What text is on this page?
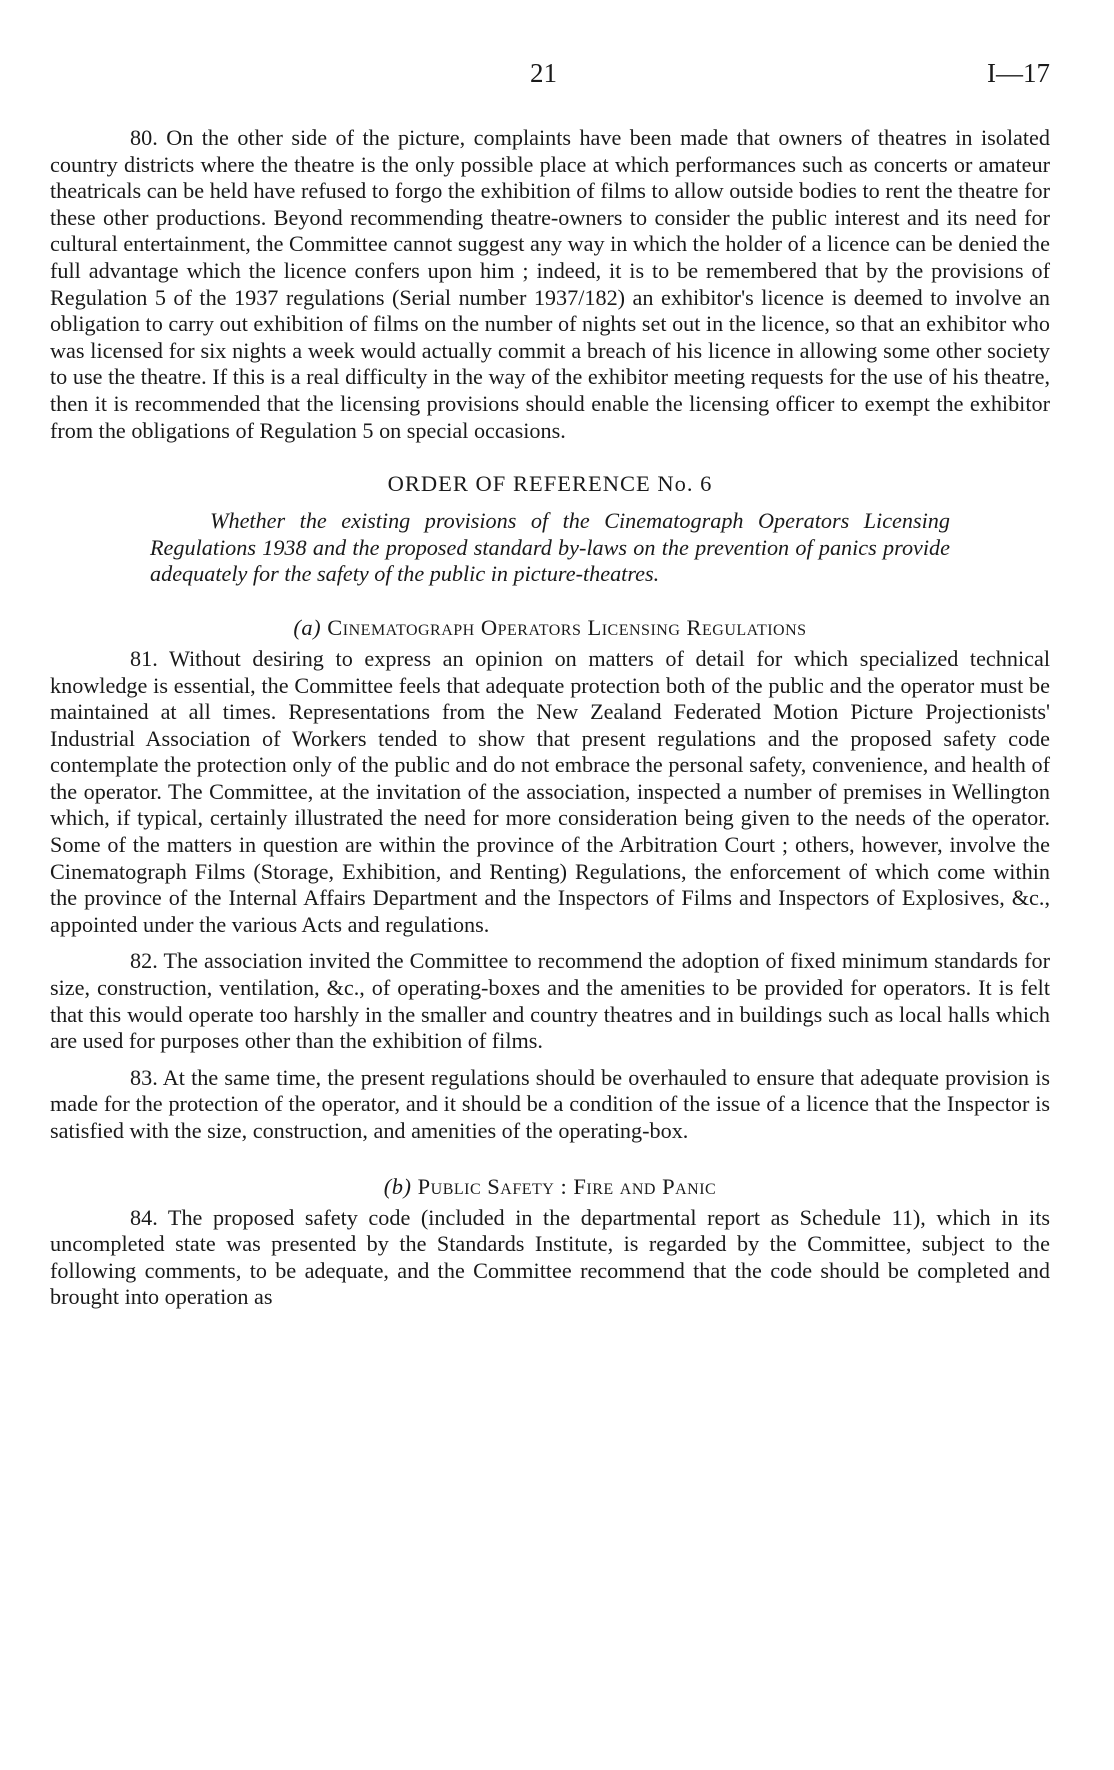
21	I—17

80. On the other side of the picture, complaints have been made that owners of theatres in isolated country districts where the theatre is the only possible place at which performances such as concerts or amateur theatricals can be held have refused to forgo the exhibition of films to allow outside bodies to rent the theatre for these other productions. Beyond recommending theatre-owners to consider the public interest and its need for cultural entertainment, the Committee cannot suggest any way in which the holder of a licence can be denied the full advantage which the licence confers upon him ; indeed, it is to be remembered that by the provisions of Regulation 5 of the 1937 regulations (Serial number 1937/182) an exhibitor's licence is deemed to involve an obligation to carry out exhibition of films on the number of nights set out in the licence, so that an exhibitor who was licensed for six nights a week would actually commit a breach of his licence in allowing some other society to use the theatre. If this is a real difficulty in the way of the exhibitor meeting requests for the use of his theatre, then it is recommended that the licensing provisions should enable the licensing officer to exempt the exhibitor from the obligations of Regulation 5 on special occasions.

ORDER OF REFERENCE No. 6
Whether the existing provisions of the Cinematograph Operators Licensing Regulations 1938 and the proposed standard by-laws on the prevention of panics provide adequately for the safety of the public in picture-theatres.
(a) Cinematograph Operators Licensing Regulations

81. Without desiring to express an opinion on matters of detail for which specialized technical knowledge is essential, the Committee feels that adequate protection both of the public and the operator must be maintained at all times. Representations from the New Zealand Federated Motion Picture Projectionists' Industrial Association of Workers tended to show that present regulations and the proposed safety code contemplate the protection only of the public and do not embrace the personal safety, convenience, and health of the operator. The Committee, at the invitation of the association, inspected a number of premises in Wellington which, if typical, certainly illustrated the need for more consideration being given to the needs of the operator. Some of the matters in question are within the province of the Arbitration Court ; others, however, involve the Cinematograph Films (Storage, Exhibition, and Renting) Regulations, the enforcement of which come within the province of the Internal Affairs Department and the Inspectors of Films and Inspectors of Explosives, &c., appointed under the various Acts and regulations.

82. The association invited the Committee to recommend the adoption of fixed minimum standards for size, construction, ventilation, &c., of operating-boxes and the amenities to be provided for operators. It is felt that this would operate too harshly in the smaller and country theatres and in buildings such as local halls which are used for purposes other than the exhibition of films.

83. At the same time, the present regulations should be overhauled to ensure that adequate provision is made for the protection of the operator, and it should be a condition of the issue of a licence that the Inspector is satisfied with the size, construction, and amenities of the operating-box.

(b) Public Safety : Fire and Panic

84. The proposed safety code (included in the departmental report as Schedule 11), which in its uncompleted state was presented by the Standards Institute, is regarded by the Committee, subject to the following comments, to be adequate, and the Committee recommend that the code should be completed and brought into operation as
